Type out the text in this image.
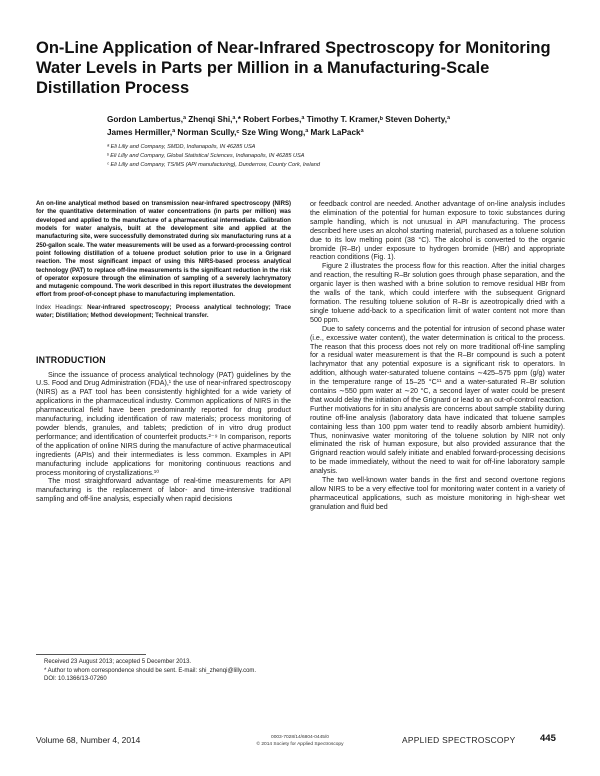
On-Line Application of Near-Infrared Spectroscopy for Monitoring Water Levels in Parts per Million in a Manufacturing-Scale Distillation Process
Gordon Lambertus,ª Zhenqi Shi,ª,* Robert Forbes,ª Timothy T. Kramer,ᵇ Steven Doherty,ª
James Hermiller,ª Norman Scully,ᶜ Sze Wing Wong,ª Mark LaPackª
ª Eli Lilly and Company, SMDD, Indianapolis, IN 46285 USA
ᵇ Eli Lilly and Company, Global Statistical Sciences, Indianapolis, IN 46285 USA
ᶜ Eli Lilly and Company, TS/MS (API manufacturing), Dunderrow, County Cork, Ireland

An on-line analytical method based on transmission near-infrared spectroscopy (NIRS) for the quantitative determination of water concentrations (in parts per million) was developed and applied to the manufacture of a pharmaceutical intermediate. Calibration models for water analysis, built at the development site and applied at the manufacturing site, were successfully demonstrated during six manufacturing runs at a 250-gallon scale. The water measurements will be used as a forward-processing control point following distillation of a toluene product solution prior to use in a Grignard reaction. The most significant impact of using this NIRS-based process analytical technology (PAT) to replace off-line measurements is the significant reduction in the risk of operator exposure through the elimination of sampling of a severely lachrymatory and mutagenic compound. The work described in this report illustrates the development effort from proof-of-concept phase to manufacturing implementation.

Index Headings: Near-infrared spectroscopy; Process analytical technology; Trace water; Distillation; Method development; Technical transfer.

INTRODUCTION

Since the issuance of process analytical technology (PAT) guidelines by the U.S. Food and Drug Administration (FDA),¹ the use of near-infrared spectroscopy (NIRS) as a PAT tool has been consistently highlighted for a wide variety of applications in the pharmaceutical industry. Common applications of NIRS in the pharmaceutical field have been predominantly reported for drug product manufacturing, including identification of raw materials; process monitoring of powder blends, granules, and tablets; prediction of in vitro drug product performance; and identification of counterfeit products.²⁻⁹ In comparison, reports of the application of online NIRS during the manufacture of active pharmaceutical ingredients (APIs) and their intermediates is less common. Examples in API manufacturing include applications for monitoring continuous reactions and process monitoring of crystallizations.¹⁰

The most straightforward advantage of real-time measurements for API manufacturing is the replacement of labor- and time-intensive traditional sampling and off-line analysis, especially when rapid decisions

or feedback control are needed. Another advantage of on-line analysis includes the elimination of the potential for human exposure to toxic substances during sample handling, which is not unusual in API manufacturing. The process described here uses an alcohol starting material, purchased as a toluene solution due to its low melting point (38 °C). The alcohol is converted to the organic bromide (R–Br) under exposure to hydrogen bromide (HBr) and appropriate reaction conditions (Fig. 1).

Figure 2 illustrates the process flow for this reaction. After the initial charges and reaction, the resulting R–Br solution goes through phase separation, and the organic layer is then washed with a brine solution to remove residual HBr from the walls of the tank, which could interfere with the subsequent Grignard formation. The resulting toluene solution of R–Br is azeotropically dried with a single toluene add-back to a specification limit of water content not more than 500 ppm.

Due to safety concerns and the potential for intrusion of second phase water (i.e., excessive water content), the water determination is critical to the process. The reason that this process does not rely on more traditional off-line sampling for a residual water measurement is that the R–Br compound is such a potent lachrymator that any potential exposure is a significant risk to operators. In addition, although water-saturated toluene contains ∼425–575 ppm (g/g) water in the temperature range of 15–25 °C¹¹ and a water-saturated R–Br solution contains ∼550 ppm water at ∼20 °C, a second layer of water could be present that would delay the initiation of the Grignard or lead to an out-of-control reaction. Further motivations for in situ analysis are concerns about sample stability during routine off-line analysis (laboratory data have indicated that toluene samples containing less than 100 ppm water tend to readily absorb ambient humidity). Thus, noninvasive water monitoring of the toluene solution by NIR not only eliminated the risk of human exposure, but also provided assurance that the Grignard reaction would safely initiate and enabled forward-processing decisions to be made immediately, without the need to wait for off-line laboratory sample analysis.

The two well-known water bands in the first and second overtone regions allow NIRS to be a very effective tool for monitoring water content in a variety of pharmaceutical applications, such as moisture monitoring in high-shear wet granulation and fluid bed

Received 23 August 2013; accepted 5 December 2013.
* Author to whom correspondence should be sent. E-mail: shi_zhenqi@lilly.com.
DOI: 10.1366/13-07260
Volume 68, Number 4, 2014	0003-7028/14/6804-0445/0
© 2014 Society for Applied Spectroscopy	APPLIED SPECTROSCOPY	445
